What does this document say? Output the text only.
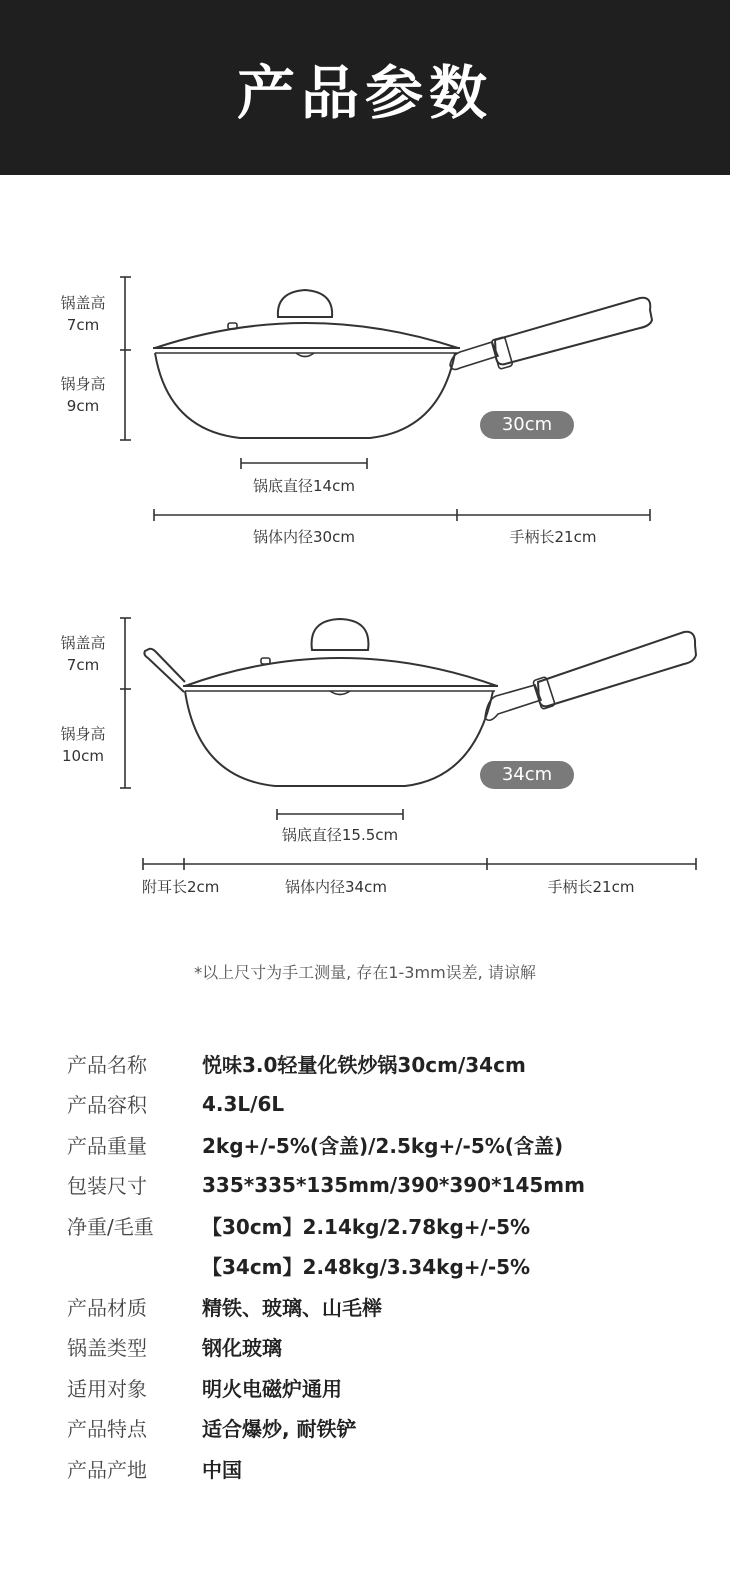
产品参数
锅盖高
7cm
锅身高
9cm
30cm
锅底直径14cm
锅体内径30cm	手柄长21cm
锅盖高
7cm
锅身高
10cm
34cm
锅底直径15.5cm
附耳长2cm	锅体内径34cm	手柄长21cm
*以上尺寸为手工测量, 存在1-3mm误差, 请谅解
产品名称	悦味3.0轻量化铁炒锅30cm/34cm
产品容积	4.3L/6L
产品重量	2kg+/-5%(含盖)/2.5kg+/-5%(含盖)
包装尺寸	335*335*135mm/390*390*145mm
净重/毛重	【30cm】2.14kg/2.78kg+/-5%
【34cm】2.48kg/3.34kg+/-5%
产品材质	精铁、玻璃、山毛榉
锅盖类型	钢化玻璃
适用对象	明火电磁炉通用
产品特点	适合爆炒, 耐铁铲
产品产地	中国
